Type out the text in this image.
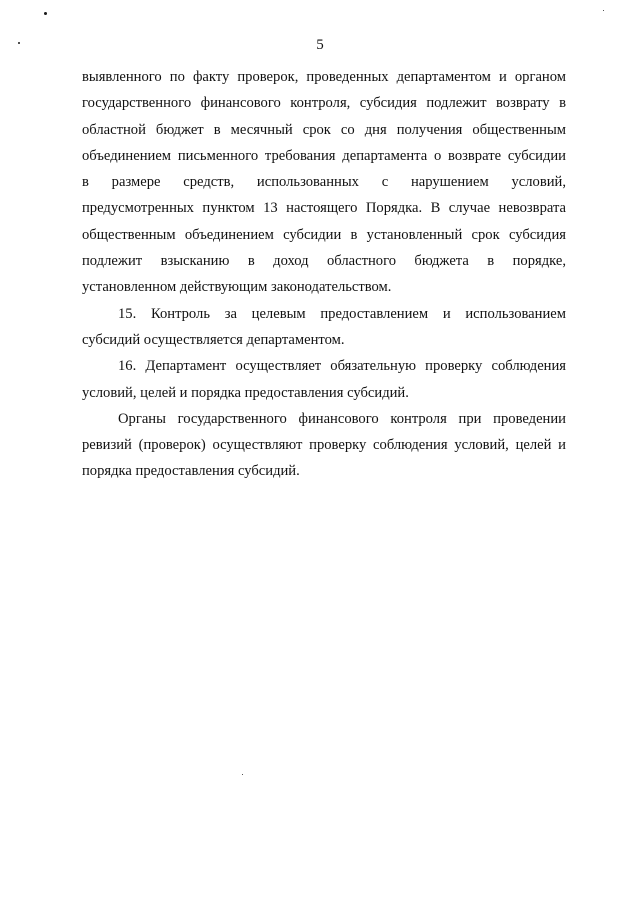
5
выявленного по факту проверок, проведенных департаментом и органом
государственного финансового контроля, субсидия подлежит возврату в
областной бюджет в месячный срок со дня получения общественным
объединением письменного требования департамента о возврате субсидии
в размере средств, использованных с нарушением условий,
предусмотренных пунктом 13 настоящего Порядка. В случае невозврата
общественным объединением субсидии в установленный срок субсидия
подлежит взысканию в доход областного бюджета в порядке,
установленном действующим законодательством.
15. Контроль за целевым предоставлением и использованием
субсидий осуществляется департаментом.
16. Департамент осуществляет обязательную проверку соблюдения
условий, целей и порядка предоставления субсидий.
Органы государственного финансового контроля при проведении
ревизий (проверок) осуществляют проверку соблюдения условий, целей и
порядка предоставления субсидий.
